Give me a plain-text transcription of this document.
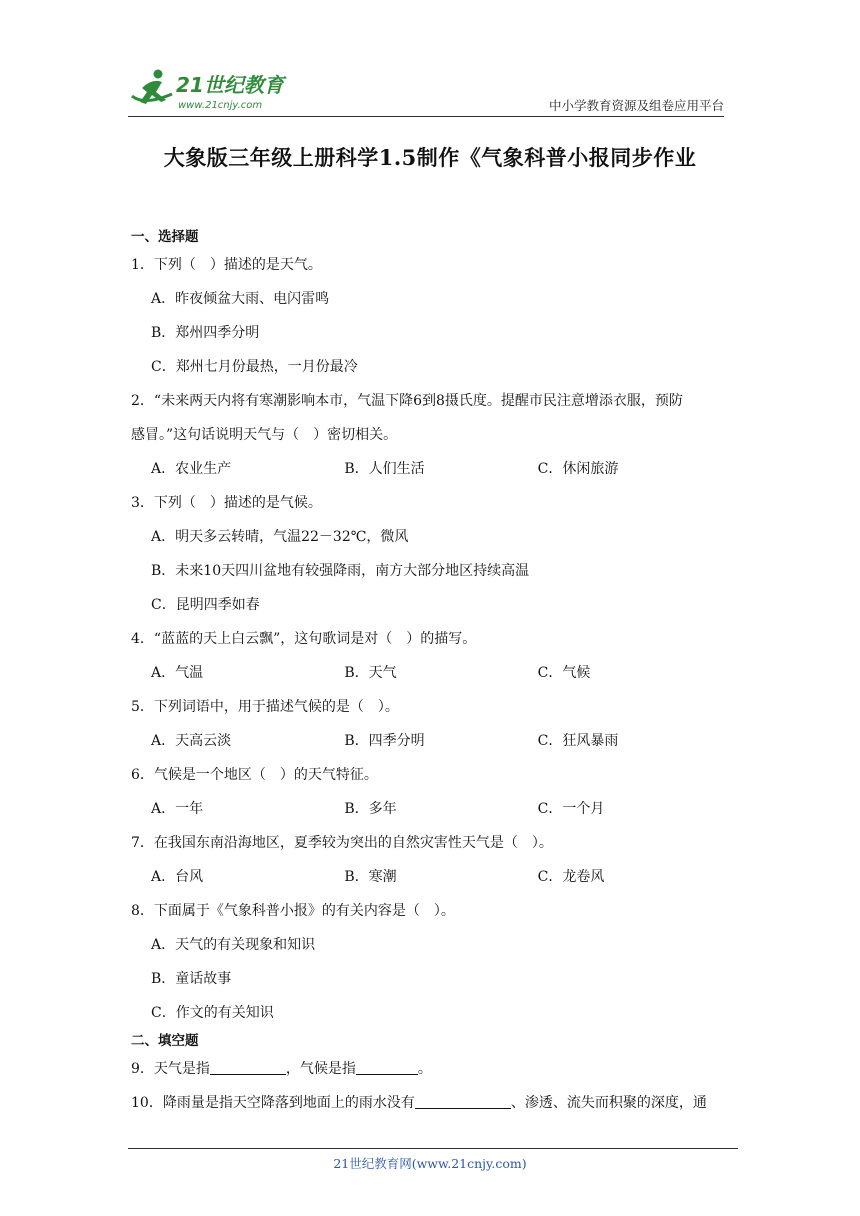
21世纪教育
www.21cnjy.com	中小学教育资源及组卷应用平台
大象版三年级上册科学1.5制作《气象科普小报同步作业
一、选择题
1．下列（　）描述的是天气。
A．昨夜倾盆大雨、电闪雷鸣
B．郑州四季分明
C．郑州七月份最热，一月份最冷
2．“未来两天内将有寒潮影响本市，气温下降6到8摄氏度。提醒市民注意增添衣服，预防
感冒。”这句话说明天气与（　）密切相关。
A．农业生产	B．人们生活	C．休闲旅游
3．下列（　）描述的是气候。
A．明天多云转晴，气温22－32℃，微风
B．未来10天四川盆地有较强降雨，南方大部分地区持续高温
C．昆明四季如春
4．“蓝蓝的天上白云飘”，这句歌词是对（　）的描写。
A．气温	B．天气	C．气候
5．下列词语中，用于描述气候的是（　）。
A．天高云淡	B．四季分明	C．狂风暴雨
6．气候是一个地区（　）的天气特征。
A．一年	B．多年	C．一个月
7．在我国东南沿海地区，夏季较为突出的自然灾害性天气是（　）。
A．台风	B．寒潮	C．龙卷风
8．下面属于《气象科普小报》的有关内容是（　）。
A．天气的有关现象和知识
B．童话故事
C．作文的有关知识
二、填空题
9．天气是指	，气候是指	。
10．降雨量是指天空降落到地面上的雨水没有	、渗透、流失而积聚的深度，通
21世纪教育网(www.21cnjy.com)
